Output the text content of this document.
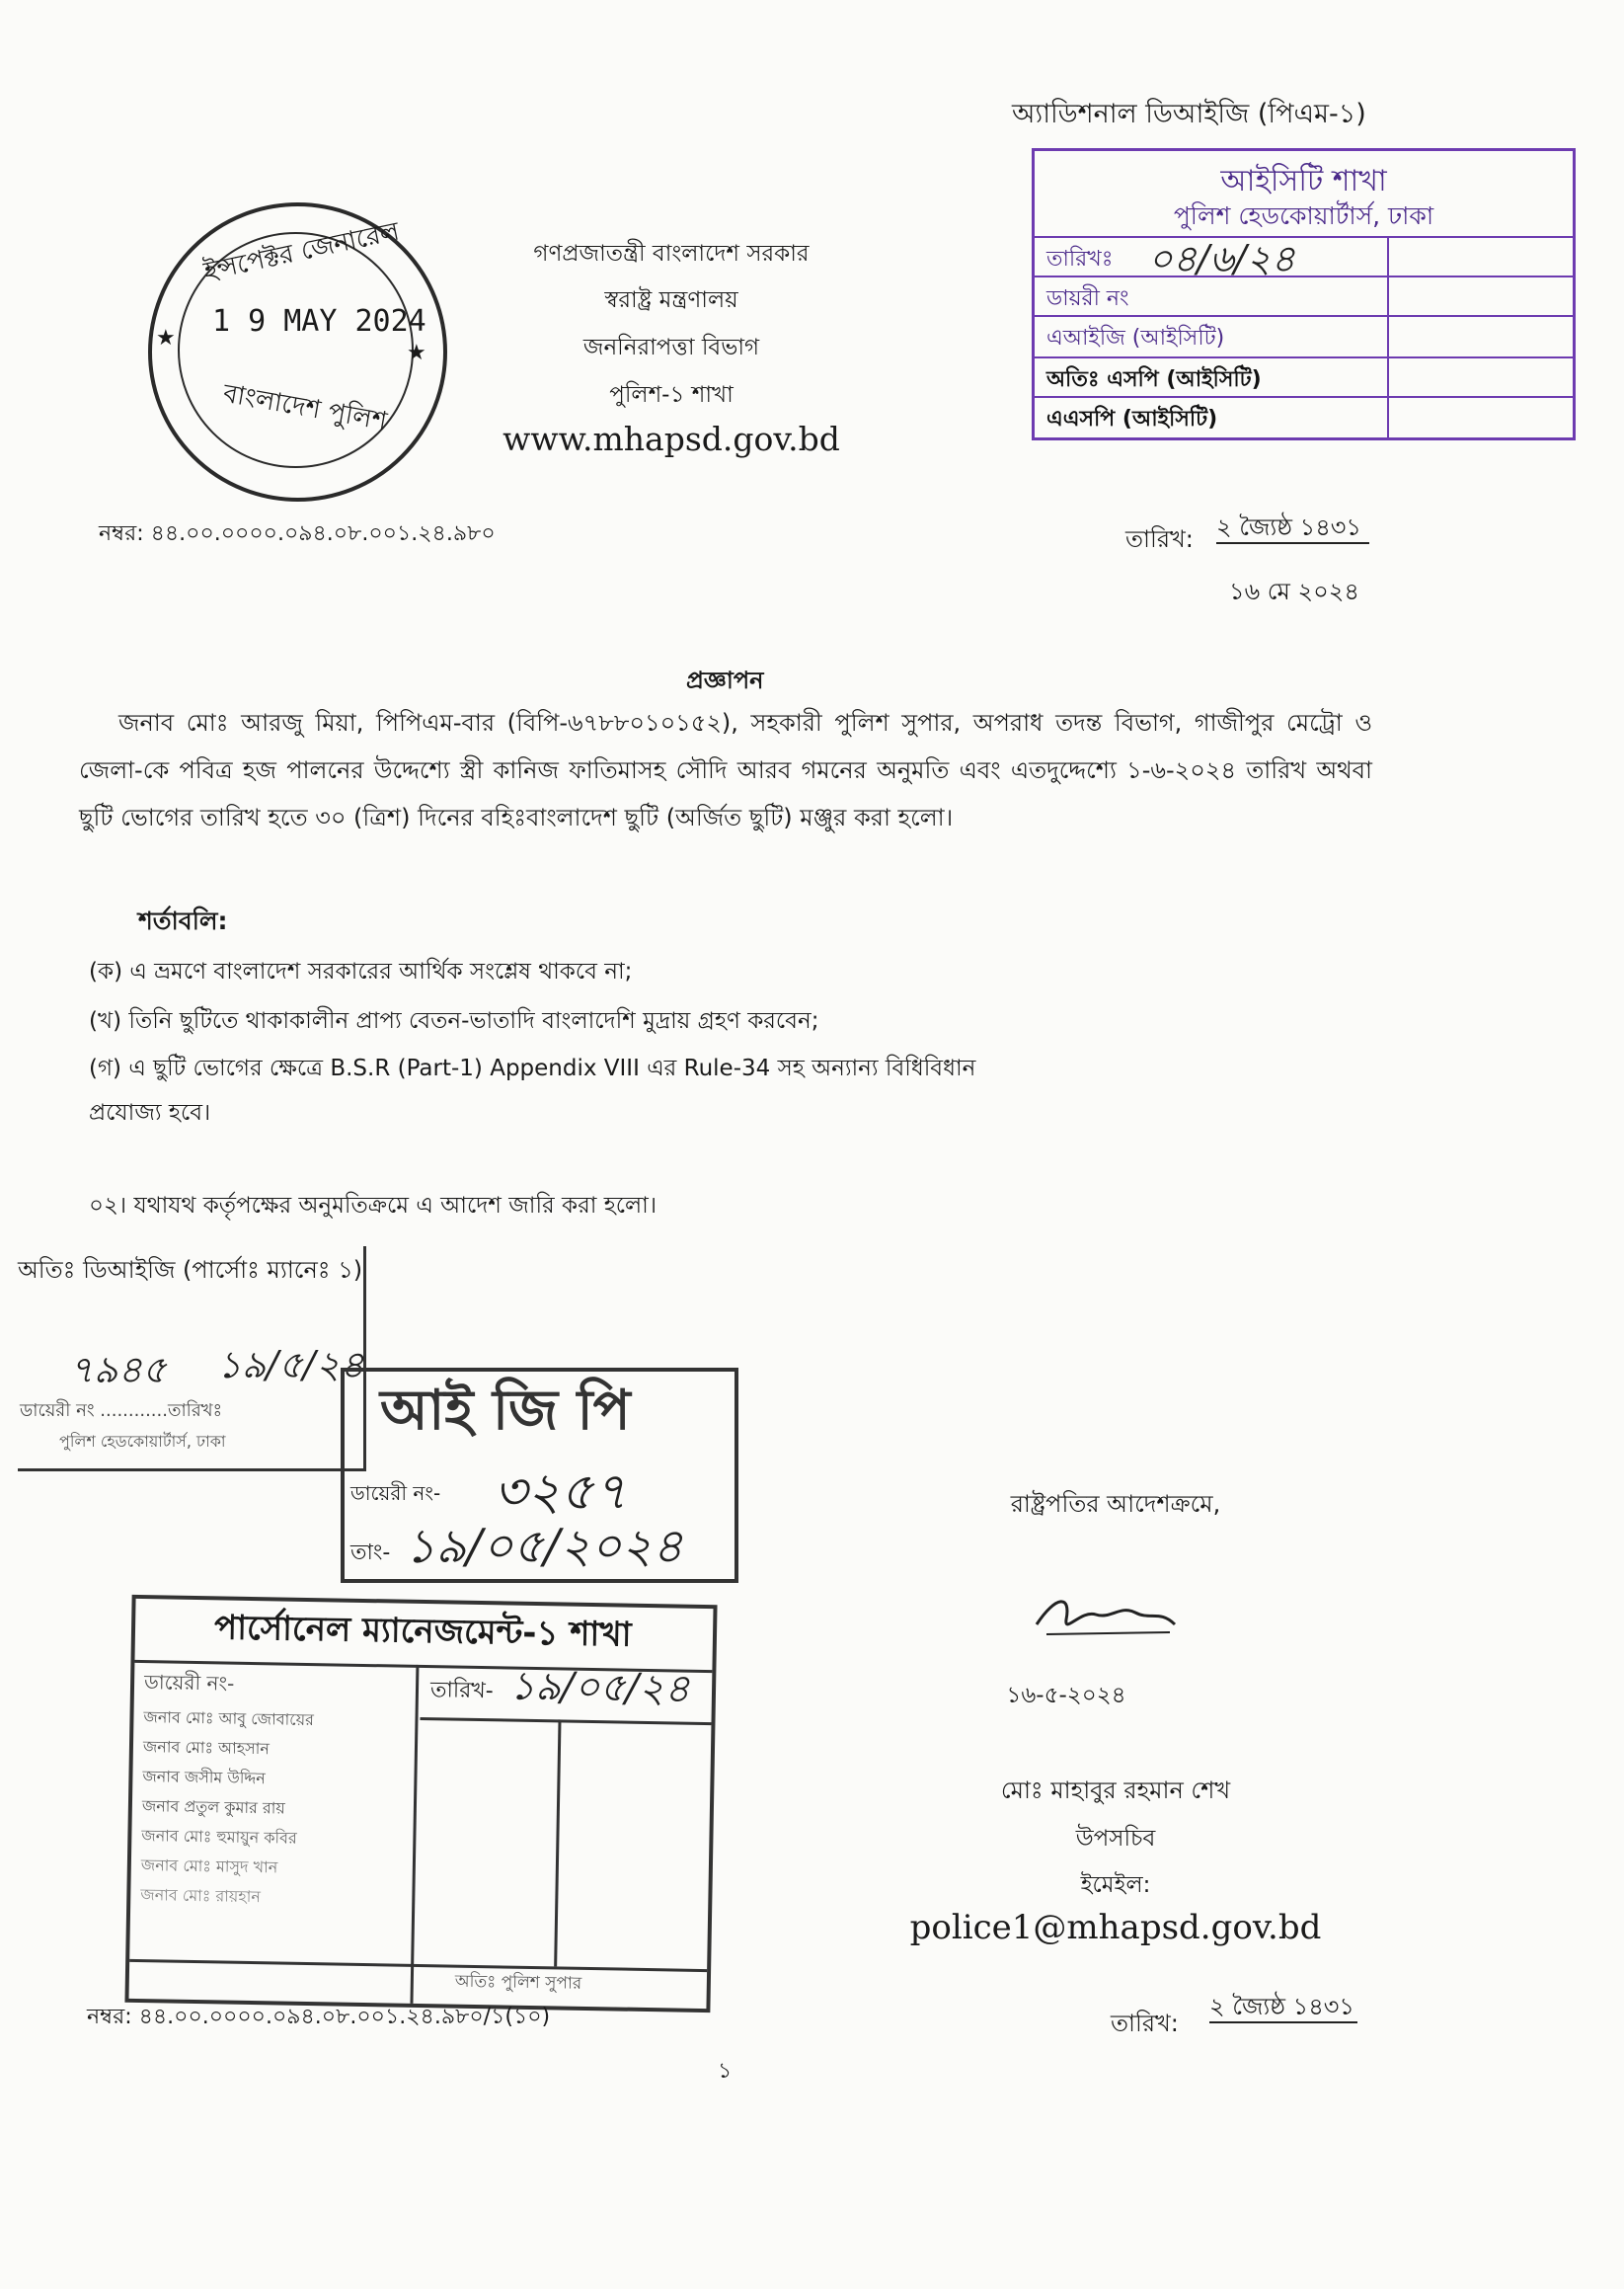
অ্যাডিশনাল ডিআইজি (পিএম-১)
আইসিটি শাখা
পুলিশ হেডকোয়ার্টার্স, ঢাকা
তারিখঃ ০৪/৬/২৪
ডায়রী নং
এআইজি (আইসিটি)
অতিঃ এসপি (আইসিটি)
এএসপি (আইসিটি)
ইন্সপেক্টর জেনারেল
1 9 MAY 2024
বাংলাদেশ পুলিশ
★
★
গণপ্রজাতন্ত্রী বাংলাদেশ সরকার
স্বরাষ্ট্র মন্ত্রণালয়
জননিরাপত্তা বিভাগ
পুলিশ-১ শাখা
www.mhapsd.gov.bd
নম্বর: ৪৪.০০.০০০০.০৯৪.০৮.০০১.২৪.৯৮০	তারিখ: ২ জ্যৈষ্ঠ ১৪৩১
১৬ মে ২০২৪
প্রজ্ঞাপন
জনাব মোঃ আরজু মিয়া, পিপিএম-বার (বিপি-৬৭৮৮০১০১৫২), সহকারী পুলিশ সুপার, অপরাধ তদন্ত বিভাগ, গাজীপুর মেট্রো ও জেলা-কে পবিত্র হজ পালনের উদ্দেশ্যে স্ত্রী কানিজ ফাতিমাসহ সৌদি আরব গমনের অনুমতি এবং এতদুদ্দেশ্যে ১-৬-২০২৪ তারিখ অথবা ছুটি ভোগের তারিখ হতে ৩০ (ত্রিশ) দিনের বহিঃবাংলাদেশ ছুটি (অর্জিত ছুটি) মঞ্জুর করা হলো।
শর্তাবলি:
(ক) এ ভ্রমণে বাংলাদেশ সরকারের আর্থিক সংশ্লেষ থাকবে না;
(খ) তিনি ছুটিতে থাকাকালীন প্রাপ্য বেতন-ভাতাদি বাংলাদেশি মুদ্রায় গ্রহণ করবেন;
(গ) এ ছুটি ভোগের ক্ষেত্রে B.S.R (Part-1) Appendix VIII এর Rule-34 সহ অন্যান্য বিধিবিধান
প্রযোজ্য হবে।
০২। যথাযথ কর্তৃপক্ষের অনুমতিক্রমে এ আদেশ জারি করা হলো।
অতিঃ ডিআইজি (পার্সোঃ ম্যানেঃ ১)
৭৯৪৫ ১৯/৫/২৪
ডায়েরী নং ............তারিখঃ
পুলিশ হেডকোয়ার্টার্স, ঢাকা	আই জি পি
ডায়েরী নং- ৩২৫৭
তাং- ১৯/০৫/২০২৪
রাষ্ট্রপতির আদেশক্রমে,
১৬-৫-২০২৪
মোঃ মাহাবুর রহমান শেখ
উপসচিব
ইমেইল:
police1@mhapsd.gov.bd
পার্সোনেল ম্যানেজমেন্ট-১ শাখা
ডায়েরী নং-	তারিখ- ১৯/০৫/২৪
জনাব মোঃ আবু জোবায়ের
জনাব মোঃ আহসান
জনাব জসীম উদ্দিন
জনাব প্রতুল কুমার রায়
জনাব মোঃ হুমায়ুন কবির
জনাব মোঃ মাসুদ খান
জনাব মোঃ রায়হান
অতিঃ পুলিশ সুপার
নম্বর: ৪৪.০০.০০০০.০৯৪.০৮.০০১.২৪.৯৮০/১(১০)	তারিখ:
২ জ্যৈষ্ঠ ১৪৩১
১
